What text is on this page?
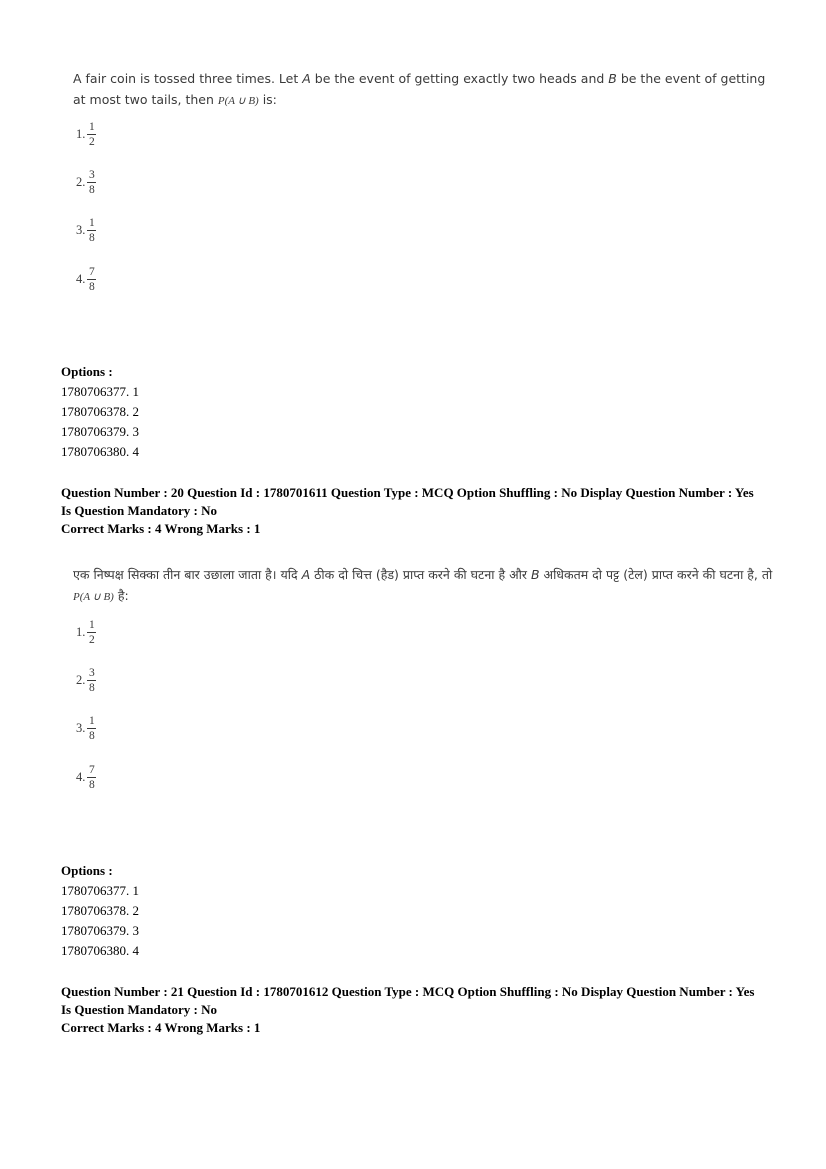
A fair coin is tossed three times. Let A be the event of getting exactly two heads and B be the event of getting at most two tails, then P(A ∪ B) is:
1. $\frac{1}{2}$
2. $\frac{3}{8}$
3. $\frac{1}{8}$
4. $\frac{7}{8}$
Options :
1780706377. 1
1780706378. 2
1780706379. 3
1780706380. 4
Question Number : 20 Question Id : 1780701611 Question Type : MCQ Option Shuffling : No Display Question Number : Yes
Is Question Mandatory : No
Correct Marks : 4 Wrong Marks : 1
एक निष्पक्ष सिक्का तीन बार उछाला जाता है। यदि A ठीक दो चित्त (हैड) प्राप्त करने की घटना है और B अधिकतम दो पट्ट (टेल) प्राप्त करने की घटना है, तो P(A ∪ B) है:
1. $\frac{1}{2}$
2. $\frac{3}{8}$
3. $\frac{1}{8}$
4. $\frac{7}{8}$
Options :
1780706377. 1
1780706378. 2
1780706379. 3
1780706380. 4
Question Number : 21 Question Id : 1780701612 Question Type : MCQ Option Shuffling : No Display Question Number : Yes
Is Question Mandatory : No
Correct Marks : 4 Wrong Marks : 1
